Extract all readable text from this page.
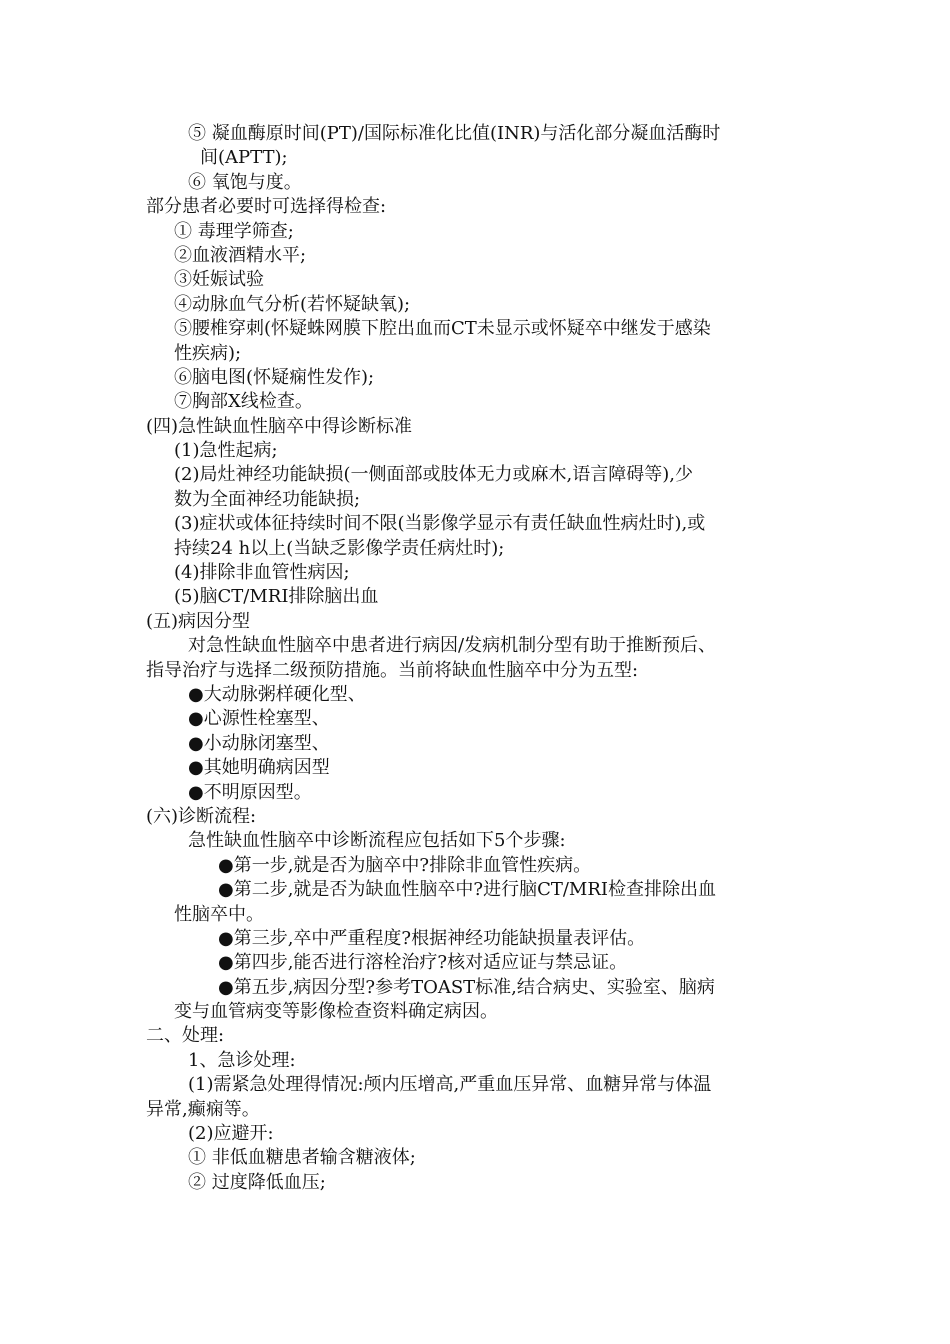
⑤ 凝血酶原时间(PT)/国际标准化比值(INR)与活化部分凝血活酶时
间(APTT);
⑥ 氧饱与度。
部分患者必要时可选择得检查:
① 毒理学筛查;
②血液酒精水平;
③妊娠试验
④动脉血气分析(若怀疑缺氧);
⑤腰椎穿刺(怀疑蛛网膜下腔出血而CT未显示或怀疑卒中继发于感染
性疾病);
⑥脑电图(怀疑痫性发作);
⑦胸部X线检查。
(四)急性缺血性脑卒中得诊断标准
(1)急性起病;
(2)局灶神经功能缺损(一侧面部或肢体无力或麻木,语言障碍等),少
数为全面神经功能缺损;
(3)症状或体征持续时间不限(当影像学显示有责任缺血性病灶时),或
持续24 h以上(当缺乏影像学责任病灶时);
(4)排除非血管性病因;
(5)脑CT/MRI排除脑出血
(五)病因分型
对急性缺血性脑卒中患者进行病因/发病机制分型有助于推断预后、
指导治疗与选择二级预防措施。当前将缺血性脑卒中分为五型:
●大动脉粥样硬化型、
●心源性栓塞型、
●小动脉闭塞型、
●其她明确病因型
●不明原因型。
(六)诊断流程:
急性缺血性脑卒中诊断流程应包括如下5个步骤:
●第一步,就是否为脑卒中?排除非血管性疾病。
●第二步,就是否为缺血性脑卒中?进行脑CT/MRI检查排除出血
性脑卒中。
●第三步,卒中严重程度?根据神经功能缺损量表评估。
●第四步,能否进行溶栓治疗?核对适应证与禁忌证。
●第五步,病因分型?参考TOAST标准,结合病史、实验室、脑病
变与血管病变等影像检查资料确定病因。
二、处理:
1、急诊处理:
(1)需紧急处理得情况:颅内压增高,严重血压异常、血糖异常与体温
异常,癫痫等。
(2)应避开:
① 非低血糖患者输含糖液体;
② 过度降低血压;
